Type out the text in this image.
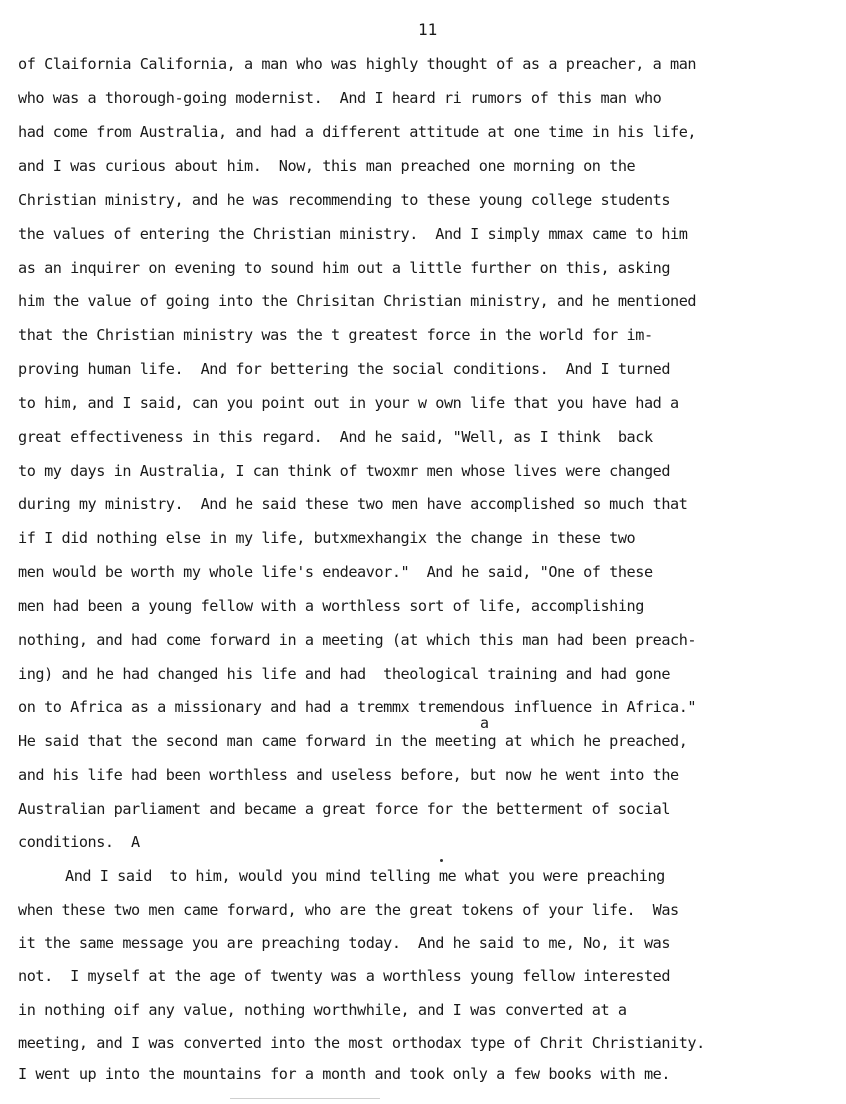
11
of Claifornia California, a man who was highly thought of as a preacher, a man
who was a thorough-going modernist.  And I heard ri rumors of this man who
had come from Australia, and had a different attitude at one time in his life,
and I was curious about him.  Now, this man preached one morning on the
Christian ministry, and he was recommending to these young college students
the values of entering the Christian ministry.  And I simply mmax came to him
as an inquirer on evening to sound him out a little further on this, asking
him the value of going into the Chrisitan Christian ministry, and he mentioned
that the Christian ministry was the t greatest force in the world for im-
proving human life.  And for bettering the social conditions.  And I turned
to him, and I said, can you point out in your w own life that you have had a
great effectiveness in this regard.  And he said, "Well, as I think  back
to my days in Australia, I can think of twoxmr men whose lives were changed
during my ministry.  And he said these two men have accomplished so much that
if I did nothing else in my life, butxmexhangix the change in these two
men would be worth my whole life's endeavor."  And he said, "One of these
men had been a young fellow with a worthless sort of life, accomplishing
nothing, and had come forward in a meeting (at which this man had been preach-
ing) and he had changed his life and had  theological training and had gone
on to Africa as a missionary and had a tremmx tremendous influence in Africa."
a
He said that the second man came forward in the meeting at which he preached,
and his life had been worthless and useless before, but now he went into the
Australian parliament and became a great force for the betterment of social
conditions.  A
And I said  to him, would you mind telling me what you were preaching
when these two men came forward, who are the great tokens of your life.  Was
it the same message you are preaching today.  And he said to me, No, it was
not.  I myself at the age of twenty was a worthless young fellow interested
in nothing oif any value, nothing worthwhile, and I was converted at a
meeting, and I was converted into the most orthodax type of Chrit Christianity.
I went up into the mountains for a month and took only a few books with me.
